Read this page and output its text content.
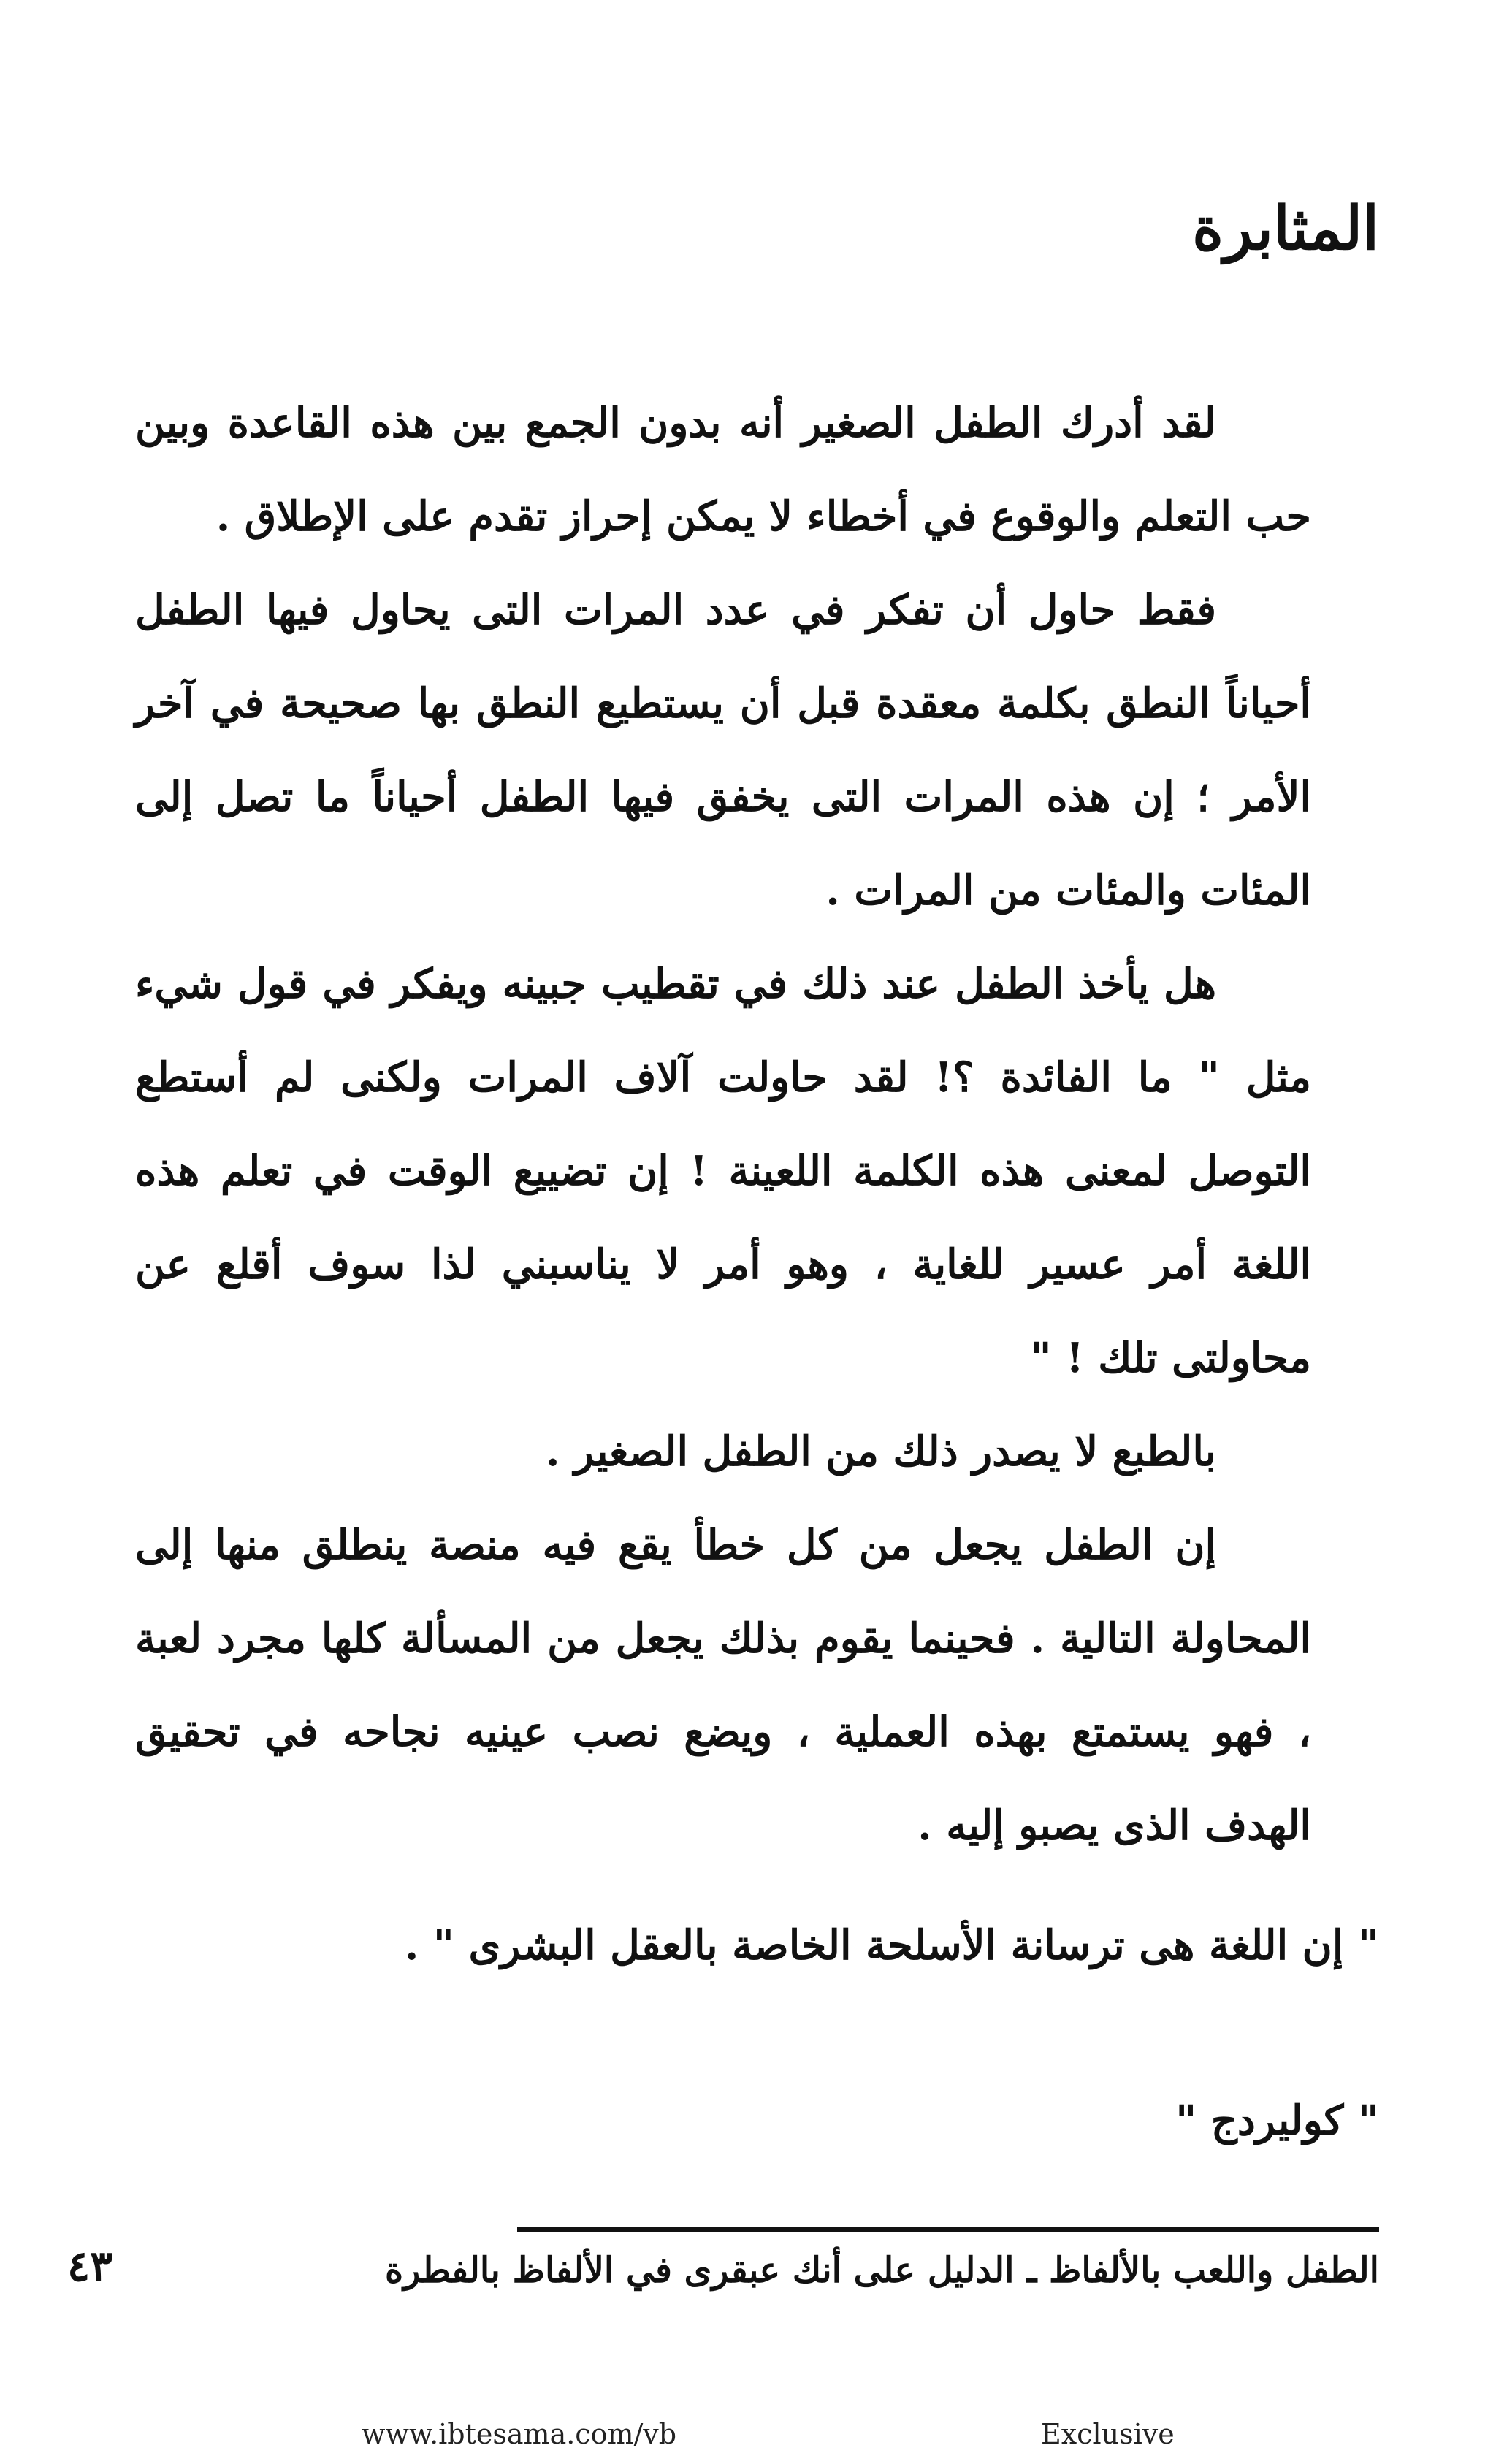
المثابرة

لقد أدرك الطفل الصغير أنه بدون الجمع بين هذه القاعدة وبين حب التعلم والوقوع في أخطاء لا يمكن إحراز تقدم على الإطلاق .

فقط حاول أن تفكر في عدد المرات التى يحاول فيها الطفل أحياناً النطق بكلمة معقدة قبل أن يستطيع النطق بها صحيحة في آخر الأمر ؛ إن هذه المرات التى يخفق فيها الطفل أحياناً ما تصل إلى المئات والمئات من المرات .

هل يأخذ الطفل عند ذلك في تقطيب جبينه ويفكر في قول شيء مثل " ما الفائدة ؟! لقد حاولت آلاف المرات ولكنى لم أستطع التوصل لمعنى هذه الكلمة اللعينة ! إن تضييع الوقت في تعلم هذه اللغة أمر عسير للغاية ، وهو أمر لا يناسبني لذا سوف أقلع عن محاولتى تلك ! "

بالطبع لا يصدر ذلك من الطفل الصغير .

إن الطفل يجعل من كل خطأ يقع فيه منصة ينطلق منها إلى المحاولة التالية . فحينما يقوم بذلك يجعل من المسألة كلها مجرد لعبة ، فهو يستمتع بهذه العملية ، ويضع نصب عينيه نجاحه في تحقيق الهدف الذى يصبو إليه .

" إن اللغة هى ترسانة الأسلحة الخاصة بالعقل البشرى " .
" كوليردج "
الطفل واللعب بالألفاظ ـ الدليل على أنك عبقرى في الألفاظ بالفطرة
٤٣
www.ibtesama.com/vb	Exclusive
